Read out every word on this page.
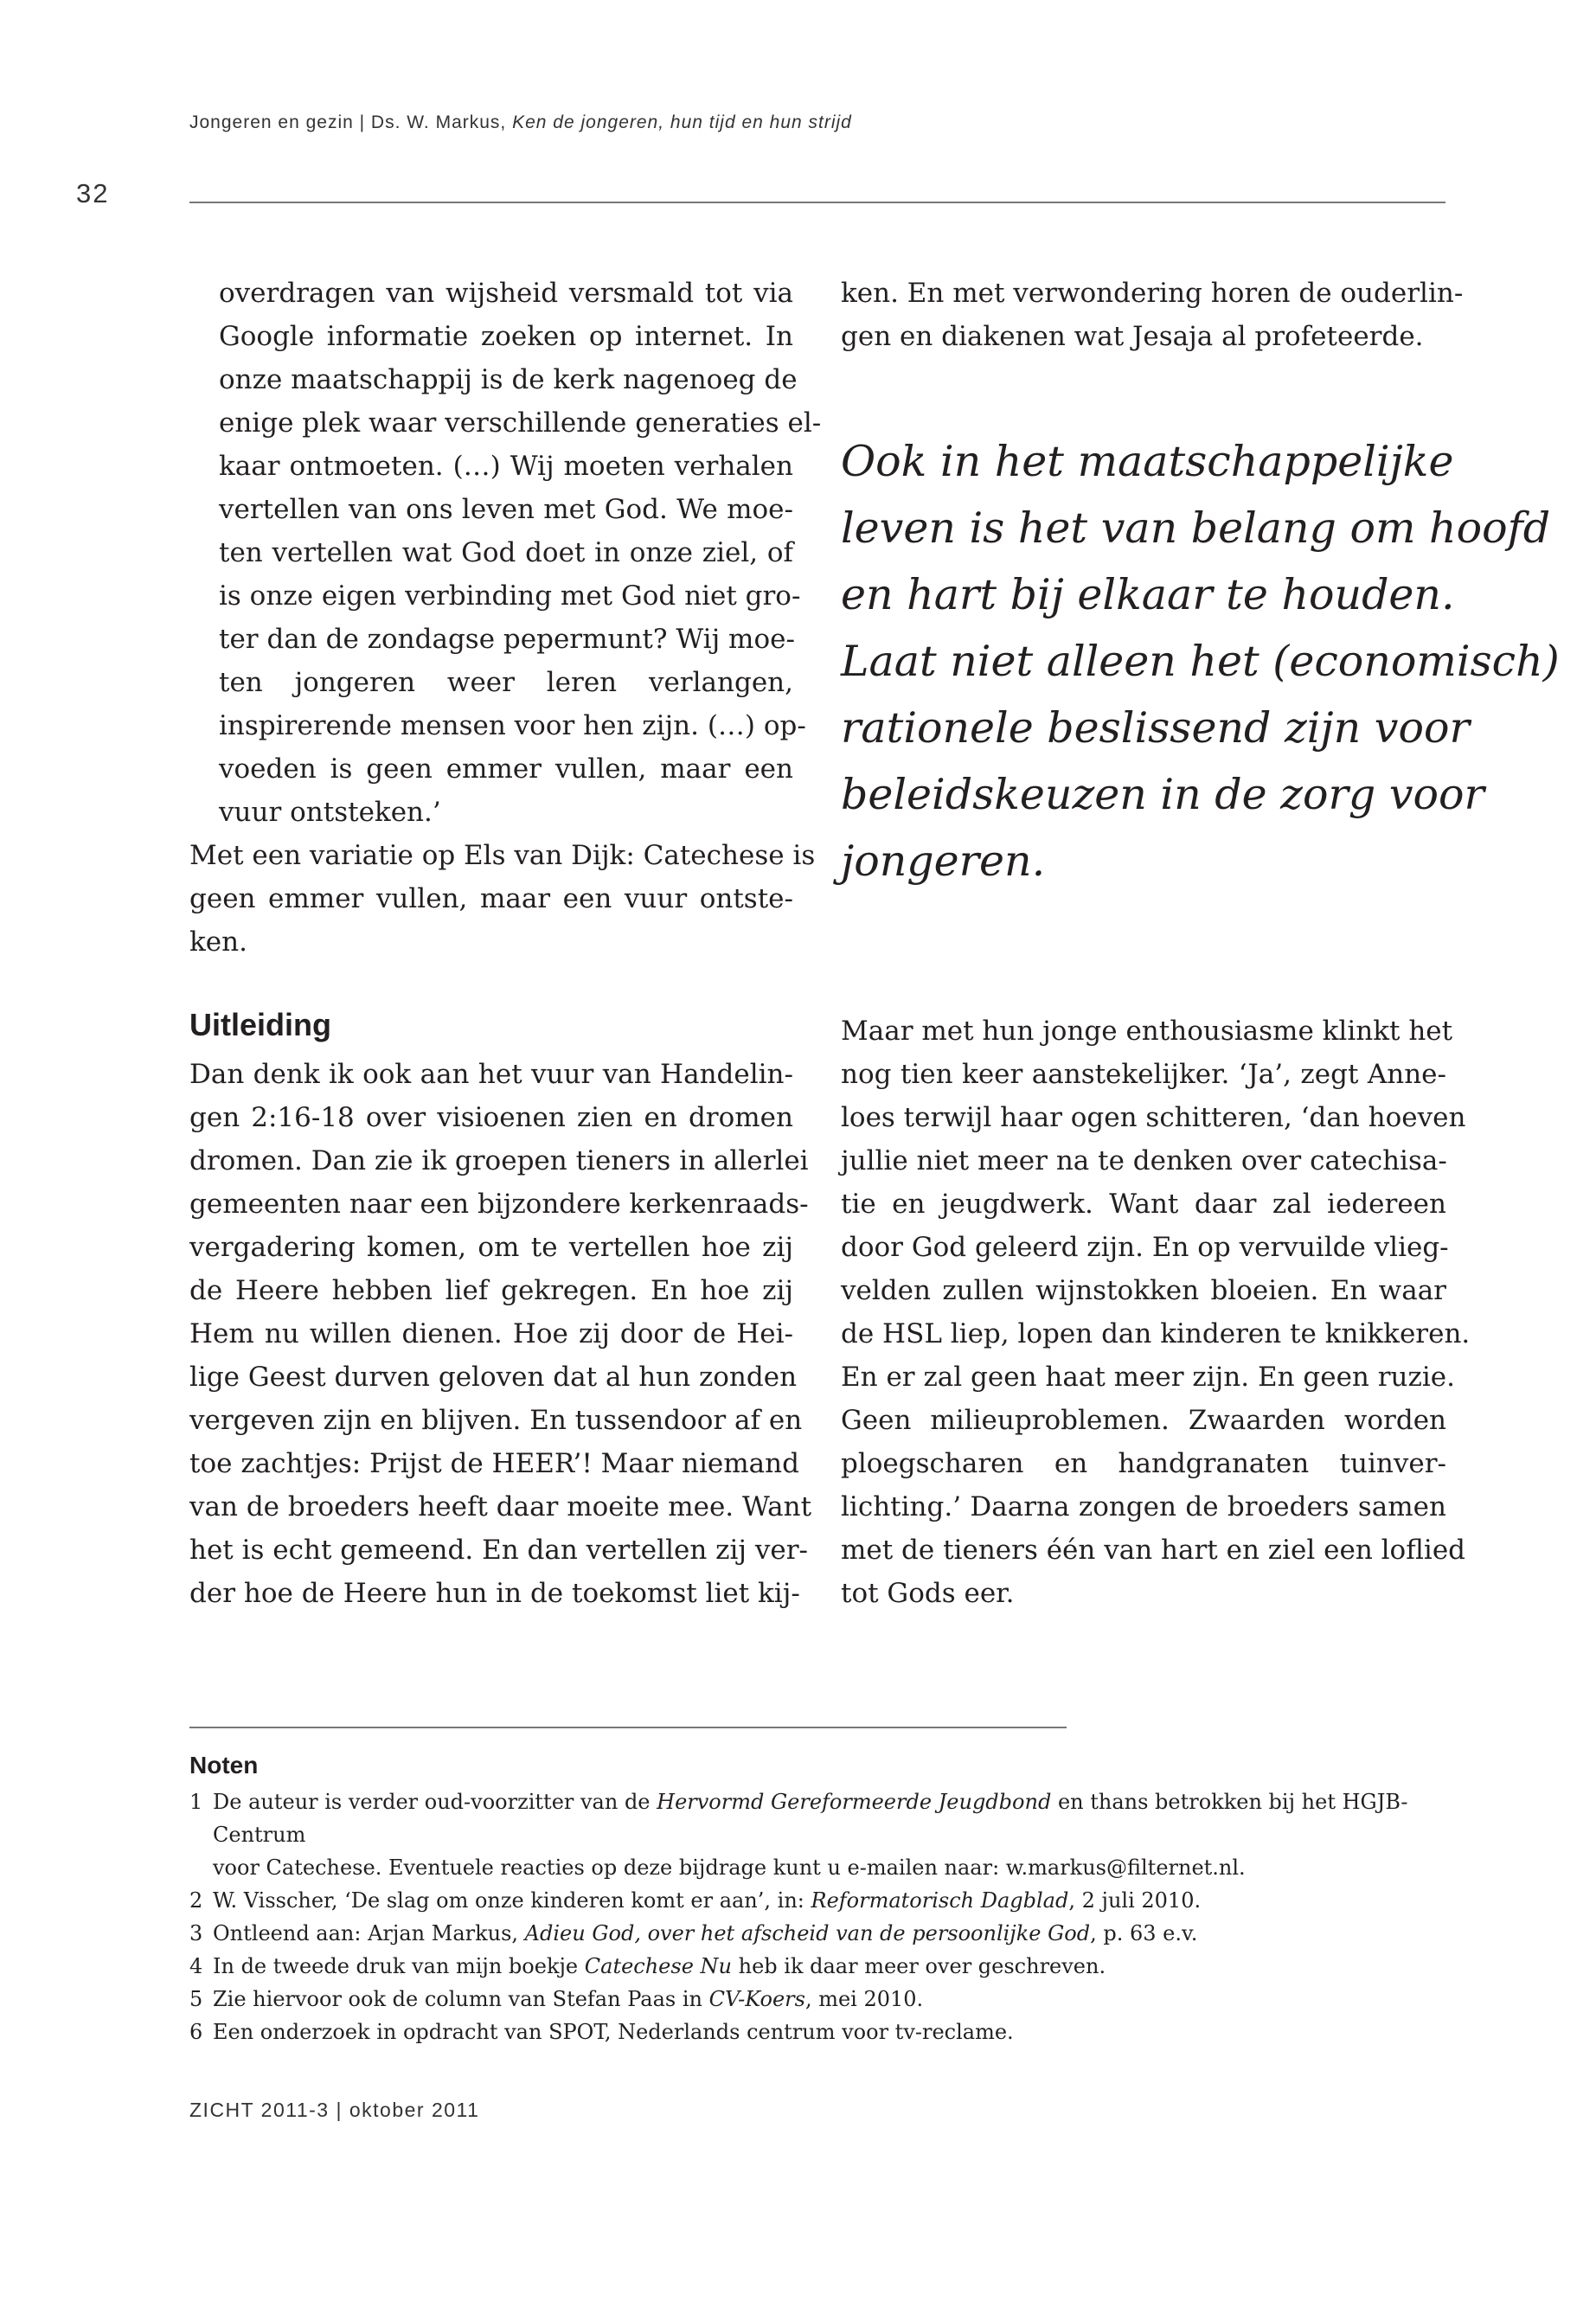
Jongeren en gezin | Ds. W. Markus, Ken de jongeren, hun tijd en hun strijd
32
overdragen van wijsheid versmald tot via
Google informatie zoeken op internet. In
onze maatschappij is de kerk nagenoeg de
enige plek waar verschillende generaties el-
kaar ontmoeten. (…) Wij moeten verhalen
vertellen van ons leven met God. We moe-
ten vertellen wat God doet in onze ziel, of
is onze eigen verbinding met God niet gro-
ter dan de zondagse pepermunt? Wij moe-
ten jongeren weer leren verlangen,
inspirerende mensen voor hen zijn. (…) op-
voeden is geen emmer vullen, maar een
vuur ontsteken.’
Met een variatie op Els van Dijk: Catechese is
geen emmer vullen, maar een vuur ontste-
ken.
ken. En met verwondering horen de ouderlin-
gen en diakenen wat Jesaja al profeteerde.
Ook in het maatschappelijke
leven is het van belang om hoofd
en hart bij elkaar te houden.
Laat niet alleen het (economisch)
rationele beslissend zijn voor
beleidskeuzen in de zorg voor
jongeren.
Uitleiding
Dan denk ik ook aan het vuur van Handelin-
gen 2:16-18 over visioenen zien en dromen
dromen. Dan zie ik groepen tieners in allerlei
gemeenten naar een bijzondere kerkenraads-
vergadering komen, om te vertellen hoe zij
de Heere hebben lief gekregen. En hoe zij
Hem nu willen dienen. Hoe zij door de Hei-
lige Geest durven geloven dat al hun zonden
vergeven zijn en blijven. En tussendoor af en
toe zachtjes: Prijst de HEER’! Maar niemand
van de broeders heeft daar moeite mee. Want
het is echt gemeend. En dan vertellen zij ver-
der hoe de Heere hun in de toekomst liet kij-
Maar met hun jonge enthousiasme klinkt het
nog tien keer aanstekelijker. ‘Ja’, zegt Anne-
loes terwijl haar ogen schitteren, ‘dan hoeven
jullie niet meer na te denken over catechisa-
tie en jeugdwerk. Want daar zal iedereen
door God geleerd zijn. En op vervuilde vlieg-
velden zullen wijnstokken bloeien. En waar
de HSL liep, lopen dan kinderen te knikkeren.
En er zal geen haat meer zijn. En geen ruzie.
Geen milieuproblemen. Zwaarden worden
ploegscharen en handgranaten tuinver-
lichting.’ Daarna zongen de broeders samen
met de tieners één van hart en ziel een loflied
tot Gods eer.
Noten
1 De auteur is verder oud-voorzitter van de Hervormd Gereformeerde Jeugdbond en thans betrokken bij het HGJB-Centrum
voor Catechese. Eventuele reacties op deze bijdrage kunt u e-mailen naar: w.markus@filternet.nl.
2 W. Visscher, ‘De slag om onze kinderen komt er aan’, in: Reformatorisch Dagblad, 2 juli 2010.
3 Ontleend aan: Arjan Markus, Adieu God, over het afscheid van de persoonlijke God, p. 63 e.v.
4 In de tweede druk van mijn boekje Catechese Nu heb ik daar meer over geschreven.
5 Zie hiervoor ook de column van Stefan Paas in CV-Koers, mei 2010.
6 Een onderzoek in opdracht van SPOT, Nederlands centrum voor tv-reclame.
ZICHT 2011-3 | oktober 2011
